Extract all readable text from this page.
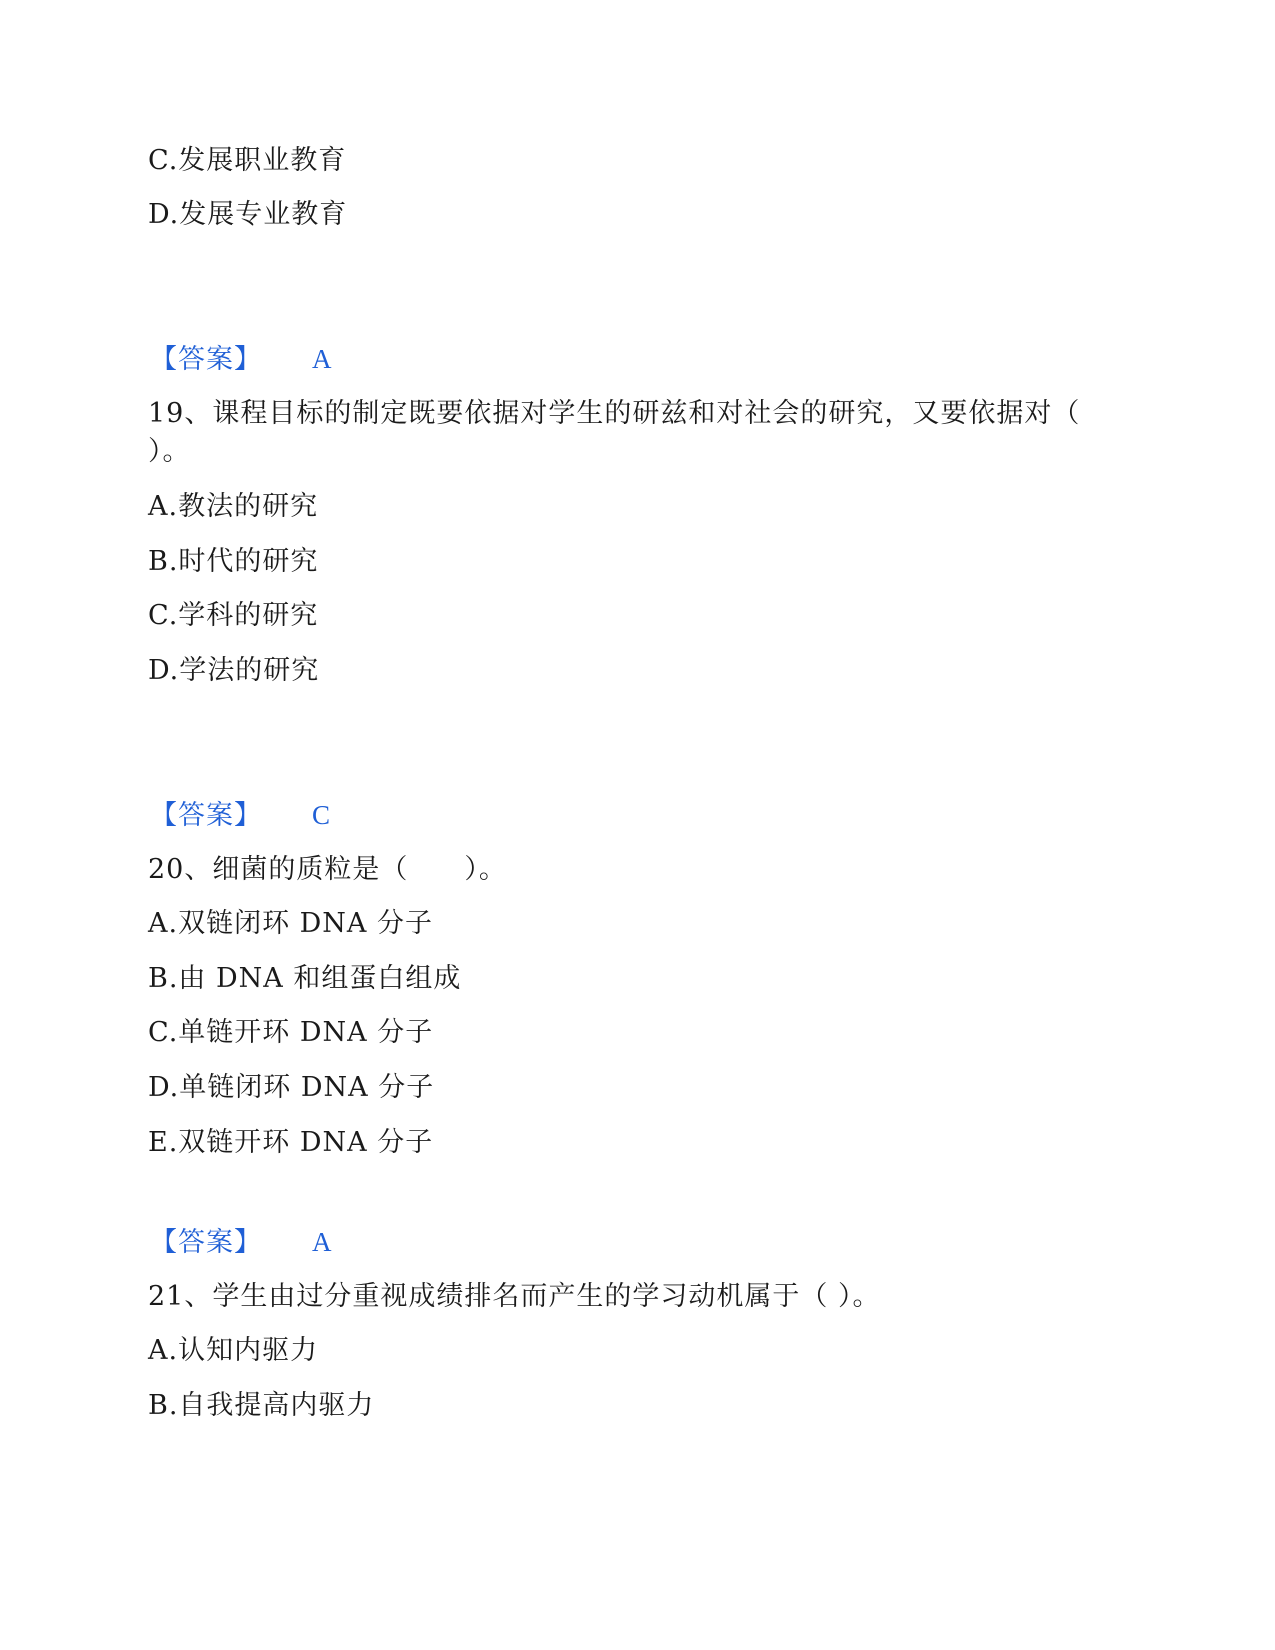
C.发展职业教育
D.发展专业教育
【答案】 A
19、课程目标的制定既要依据对学生的研兹和对社会的研究，又要依据对（
）。
A.教法的研究
B.时代的研究
C.学科的研究
D.学法的研究
【答案】 C
20、细菌的质粒是（　　）。
A.双链闭环 DNA 分子
B.由 DNA 和组蛋白组成
C.单链开环 DNA 分子
D.单链闭环 DNA 分子
E.双链开环 DNA 分子
【答案】 A
21、学生由过分重视成绩排名而产生的学习动机属于（ ）。
A.认知内驱力
B.自我提高内驱力
